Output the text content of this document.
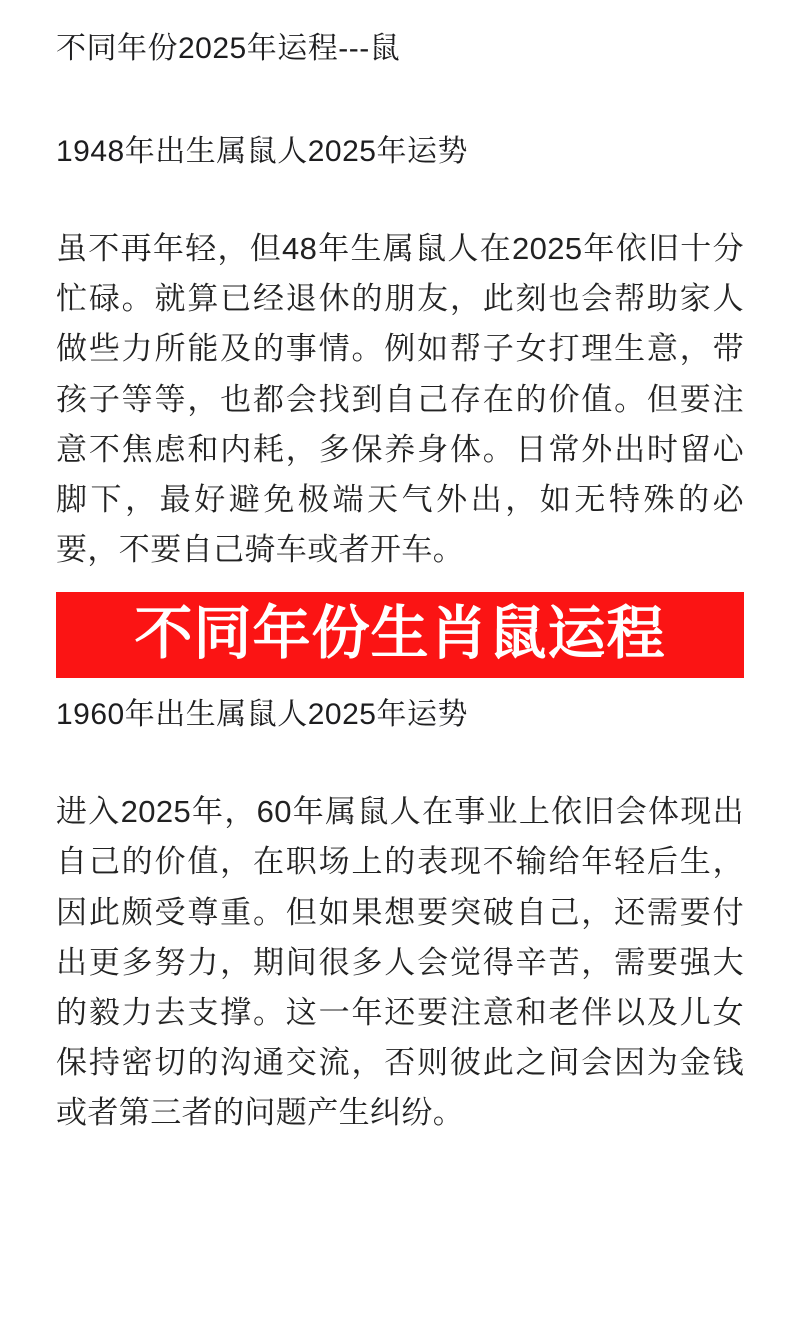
不同年份2025年运程---鼠
1948年出生属鼠人2025年运势

虽不再年轻，但48年生属鼠人在2025年依旧十分忙碌。就算已经退休的朋友，此刻也会帮助家人做些力所能及的事情。例如帮子女打理生意，带孩子等等，也都会找到自己存在的价值。但要注意不焦虑和内耗，多保养身体。日常外出时留心脚下，最好避免极端天气外出，如无特殊的必要，不要自己骑车或者开车。

不同年份生肖鼠运程
1960年出生属鼠人2025年运势

进入2025年，60年属鼠人在事业上依旧会体现出自己的价值，在职场上的表现不输给年轻后生，因此颇受尊重。但如果想要突破自己，还需要付出更多努力，期间很多人会觉得辛苦，需要强大的毅力去支撑。这一年还要注意和老伴以及儿女保持密切的沟通交流，否则彼此之间会因为金钱或者第三者的问题产生纠纷。
